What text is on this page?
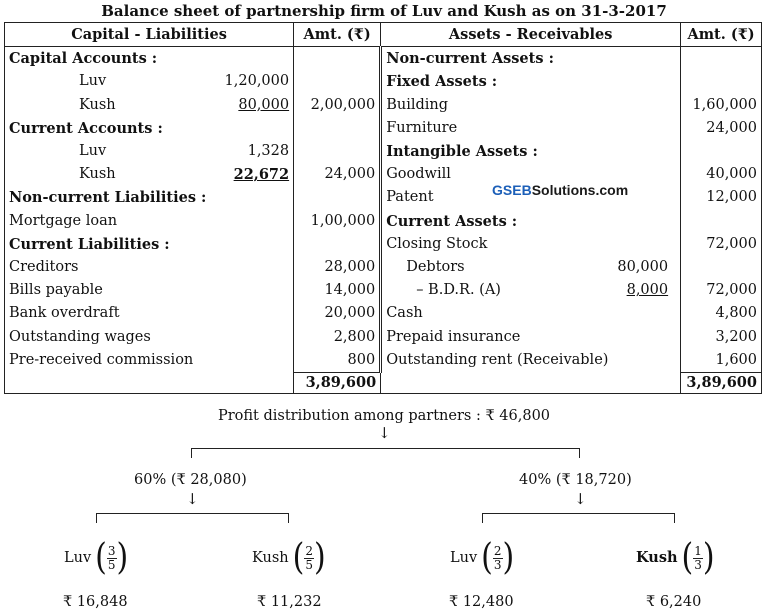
Balance sheet of partnership firm of Luv and Kush as on 31-3-2017
Capital - Liabilities	Amt. (₹)	Assets - Receivables	Amt. (₹)
Capital Accounts :		Non-current Assets :	

Luv 1,20,000		Fixed Assets :	

Kush 80,000	2,00,000	Building	1,60,000
Current Accounts :		Furniture	24,000

Luv 1,328		Intangible Assets :	

Kush 22,672	24,000	Goodwill	40,000
Non-current Liabilities :		Patent	12,000
Mortgage loan	1,00,000	Current Assets :	
Current Liabilities :		Closing Stock	72,000
Creditors	28,000	Debtors 80,000	

Bills payable	14,000	– B.D.R. (A) 8,000	72,000
Bank overdraft	20,000	Cash	4,800
Outstanding wages	2,800	Prepaid insurance	3,200
Pre-received commission	800	Outstanding rent (Receivable)	1,600
	3,89,600		3,89,600
GSEBSolutions.com
Profit distribution among partners : ₹ 46,800
↓
60% (₹ 28,080)	40% (₹ 18,720)
↓	↓
Luv ( 3
5 )	Kush ( 2
5 )	Luv ( 2
3 )	Kush ( 1
3 )
₹ 16,848	₹ 11,232	₹ 12,480	₹ 6,240
